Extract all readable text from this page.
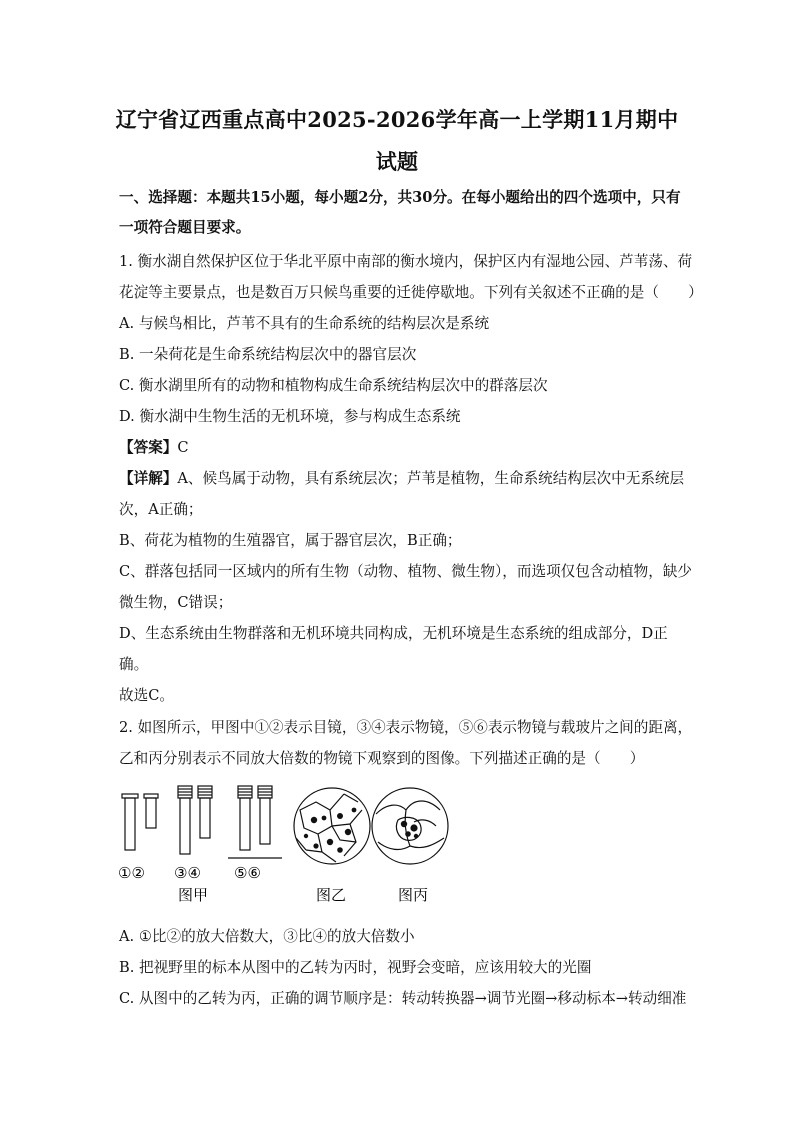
辽宁省辽西重点高中2025-2026学年高一上学期11月期中
试题
一、选择题：本题共15小题，每小题2分，共30分。在每小题给出的四个选项中，只有
一项符合题目要求。
1. 衡水湖自然保护区位于华北平原中南部的衡水境内，保护区内有湿地公园、芦苇荡、荷
花淀等主要景点，也是数百万只候鸟重要的迁徙停歇地。下列有关叙述不正确的是（　　）
A. 与候鸟相比，芦苇不具有的生命系统的结构层次是系统
B. 一朵荷花是生命系统结构层次中的器官层次
C. 衡水湖里所有的动物和植物构成生命系统结构层次中的群落层次
D. 衡水湖中生物生活的无机环境，参与构成生态系统
【答案】C
【详解】A、候鸟属于动物，具有系统层次；芦苇是植物，生命系统结构层次中无系统层
次，A正确；
B、荷花为植物的生殖器官，属于器官层次，B正确；
C、群落包括同一区域内的所有生物（动物、植物、微生物），而选项仅包含动植物，缺少
微生物，C错误；
D、生态系统由生物群落和无机环境共同构成，无机环境是生态系统的组成部分，D正
确。
故选C。
2. 如图所示，甲图中①②表示目镜，③④表示物镜，⑤⑥表示物镜与载玻片之间的距离，
乙和丙分别表示不同放大倍数的物镜下观察到的图像。下列描述正确的是（　　）
①② ③④ ⑤⑥
图甲	图乙	图丙
A. ①比②的放大倍数大，③比④的放大倍数小
B. 把视野里的标本从图中的乙转为丙时，视野会变暗，应该用较大的光圈
C. 从图中的乙转为丙，正确的调节顺序是：转动转换器→调节光圈→移动标本→转动细准
